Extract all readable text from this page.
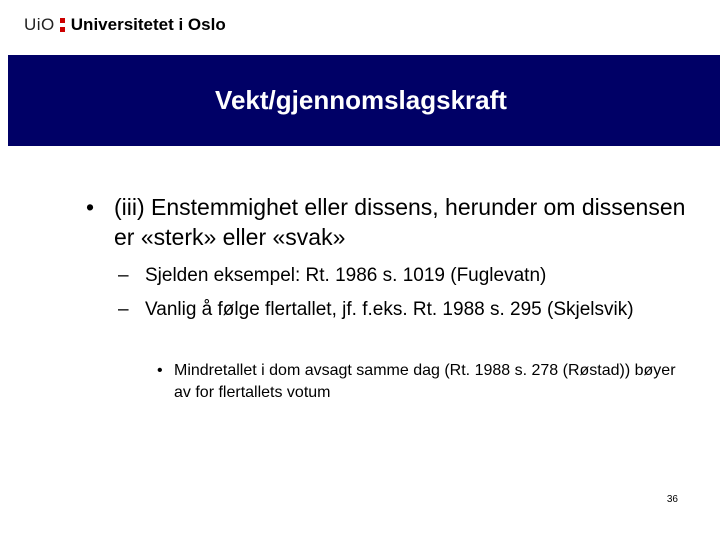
UiO Universitetet i Oslo
Vekt/gjennomslagskraft
• (iii) Enstemmighet eller dissens, herunder om dissensen er «sterk» eller «svak»
– Sjelden eksempel: Rt. 1986 s. 1019 (Fuglevatn)
– Vanlig å følge flertallet, jf. f.eks. Rt. 1988 s. 295 (Skjelsvik)
• Mindretallet i dom avsagt samme dag (Rt. 1988 s. 278 (Røstad)) bøyer av for flertallets votum
36
